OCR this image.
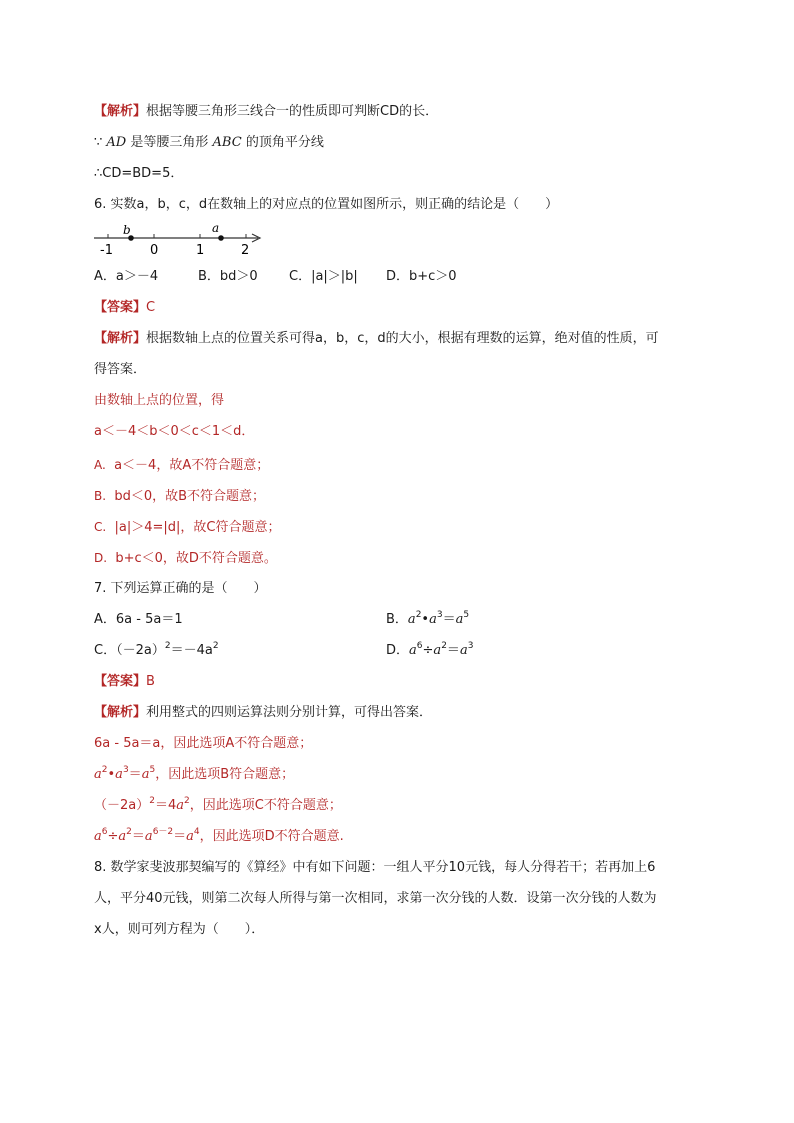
【解析】根据等腰三角形三线合一的性质即可判断CD的长．
∵ AD 是等腰三角形 ABC 的顶角平分线
∴CD=BD=5．
6. 实数a，b，c，d在数轴上的对应点的位置如图所示，则正确的结论是（　　）
b	a
-1	0	1	2
A．a＞－4	B．bd＞0 C．|a|＞|b| D．b+c＞0
【答案】C
【解析】根据数轴上点的位置关系可得a，b，c，d的大小，根据有理数的运算，绝对值的性质，可
得答案．
由数轴上点的位置，得
a＜－4＜b＜0＜c＜1＜d．
A. a＜－4，故A不符合题意；
B. bd＜0，故B不符合题意；
C. |a|＞4=|d|，故C符合题意；
D. b+c＜0，故D不符合题意。
7. 下列运算正确的是（　　）
A．6a - 5a＝1	B．$a^2•a^3=a^5$
C．$(-2a)^2=-4a^2$	D．$a^6\div a^2=a^3$
【答案】B
【解析】利用整式的四则运算法则分别计算，可得出答案．
6a - 5a＝a，因此选项A不符合题意；
$a^2•a^3=a^5$，因此选项B符合题意；
$(-2a)^2=4a^2$，因此选项C不符合题意；
$a^6\div a^2=a^{6-2}=a^4$，因此选项D不符合题意.
8. 数学家斐波那契编写的《算经》中有如下问题：一组人平分10元钱，每人分得若干；若再加上6
人，平分40元钱，则第二次每人所得与第一次相同，求第一次分钱的人数．设第一次分钱的人数为
x人，则可列方程为（　　）．
